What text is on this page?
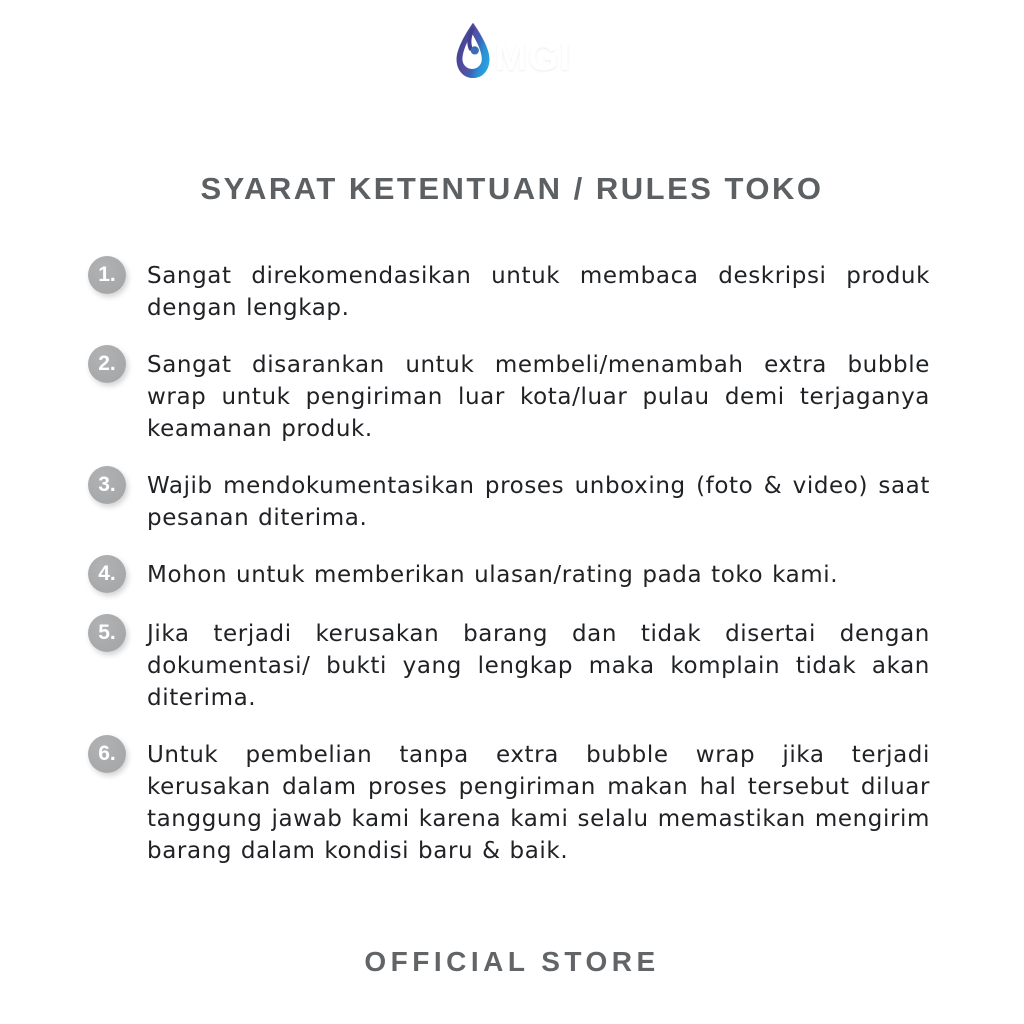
MGI
PT MUTIARA GEMILANG INDONESIA
SYARAT KETENTUAN / RULES TOKO
1.	Sangat direkomendasikan untuk membaca deskripsi produk dengan lengkap.
2.	Sangat disarankan untuk membeli/menambah extra bubble wrap untuk pengiriman luar kota/luar pulau demi terjaganya keamanan produk.
3.	Wajib mendokumentasikan proses unboxing (foto & video) saat pesanan diterima.
4.	Mohon untuk memberikan ulasan/rating pada toko kami.
5.	Jika terjadi kerusakan barang dan tidak disertai dengan dokumentasi/ bukti yang lengkap maka komplain tidak akan diterima.
6.	Untuk pembelian tanpa extra bubble wrap jika terjadi kerusakan dalam proses pengiriman makan hal tersebut diluar tanggung jawab kami karena kami selalu memastikan mengirim barang dalam kondisi baru & baik.
OFFICIAL STORE
